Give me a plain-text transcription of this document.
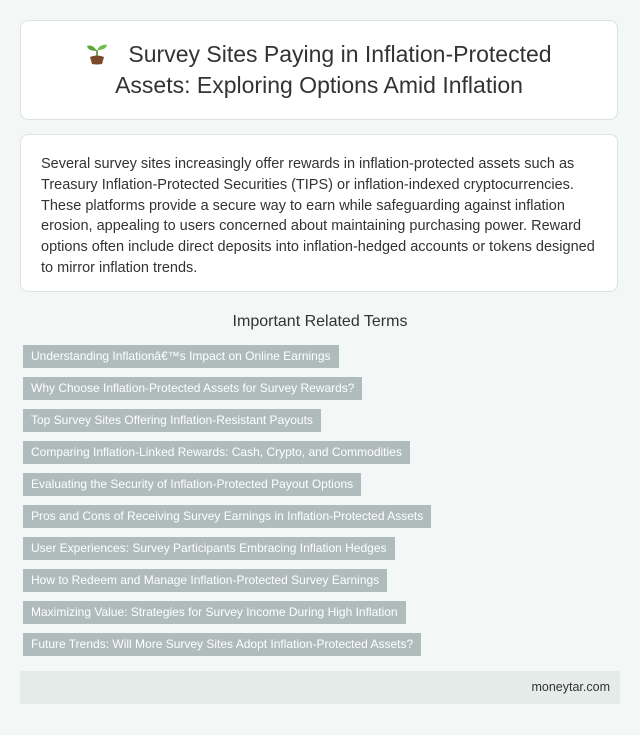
Survey Sites Paying in Inflation-Protected Assets: Exploring Options Amid Inflation

Several survey sites increasingly offer rewards in inflation-protected assets such as Treasury Inflation-Protected Securities (TIPS) or inflation-indexed cryptocurrencies. These platforms provide a secure way to earn while safeguarding against inflation erosion, appealing to users concerned about maintaining purchasing power. Reward options often include direct deposits into inflation-hedged accounts or tokens designed to mirror inflation trends.

Important Related Terms
Understanding Inflationâ€™s Impact on Online Earnings
Why Choose Inflation-Protected Assets for Survey Rewards?
Top Survey Sites Offering Inflation-Resistant Payouts
Comparing Inflation-Linked Rewards: Cash, Crypto, and Commodities
Evaluating the Security of Inflation-Protected Payout Options
Pros and Cons of Receiving Survey Earnings in Inflation-Protected Assets
User Experiences: Survey Participants Embracing Inflation Hedges
How to Redeem and Manage Inflation-Protected Survey Earnings
Maximizing Value: Strategies for Survey Income During High Inflation
Future Trends: Will More Survey Sites Adopt Inflation-Protected Assets?
moneytar.com
